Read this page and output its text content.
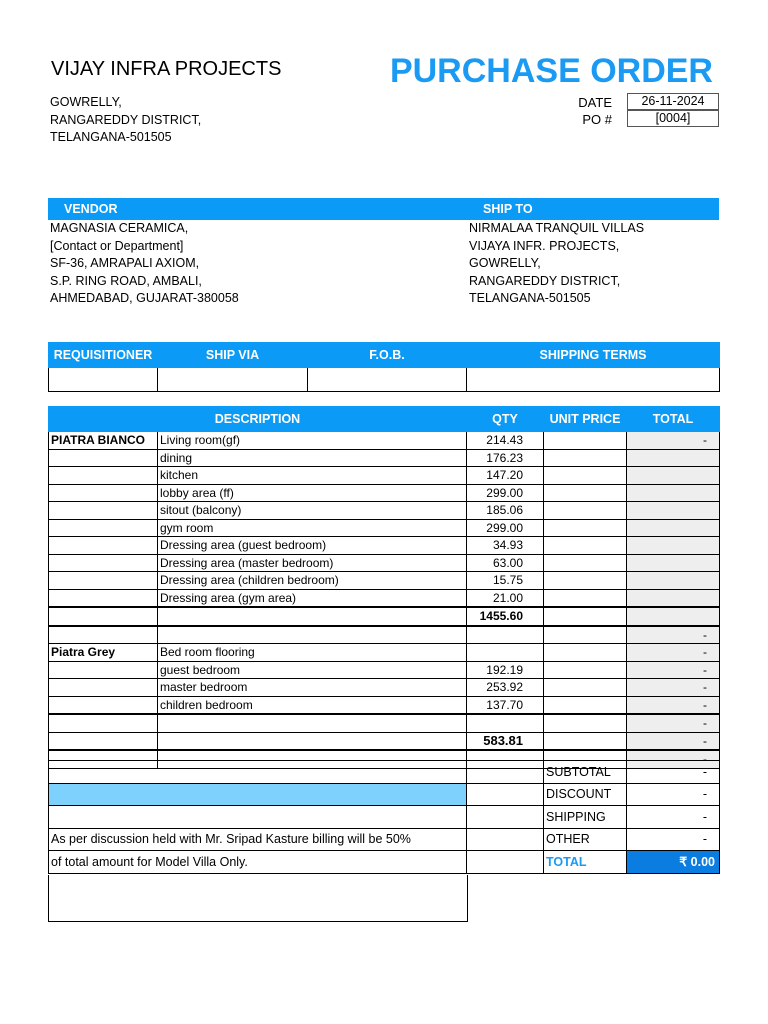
VIJAY INFRA PROJECTS	PURCHASE ORDER
GOWRELLY,
RANGAREDDY DISTRICT,
TELANGANA-501505
DATE	26-11-2024
PO #	[0004]
VENDOR	SHIP TO
MAGNASIA CERAMICA,
[Contact or Department]
SF-36, AMRAPALI AXIOM,
S.P. RING ROAD, AMBALI,
AHMEDABAD, GUJARAT-380058
NIRMALAA TRANQUIL VILLAS
VIJAYA INFR. PROJECTS,
GOWRELLY,
RANGAREDDY DISTRICT,
TELANGANA-501505
REQUISITIONER	SHIP VIA	F.O.B.	SHIPPING TERMS

DESCRIPTION		QTY	UNIT PRICE	TOTAL
PIATRA BIANCO	Living room(gf)	214.43		-
	dining	176.23		
	kitchen	147.20		
	lobby area (ff)	299.00		
	sitout (balcony)	185.06		
	gym room	299.00		
	Dressing area (guest bedroom)	34.93		
	Dressing area (master bedroom)	63.00		
	Dressing area (children bedroom)	15.75		
	Dressing area (gym area)	21.00		
		1455.60		
				-
Piatra Grey	Bed room flooring			-
	guest bedroom	192.19		-
	master bedroom	253.92		-
	children bedroom	137.70		-
				-
		583.81		-
				-
		SUBTOTAL	-
		DISCOUNT	-
		SHIPPING	-
As per discussion held with Mr. Sripad Kasture billing will be 50%		OTHER	-
of total amount for Model Villa Only.		TOTAL	₹ 0.00
